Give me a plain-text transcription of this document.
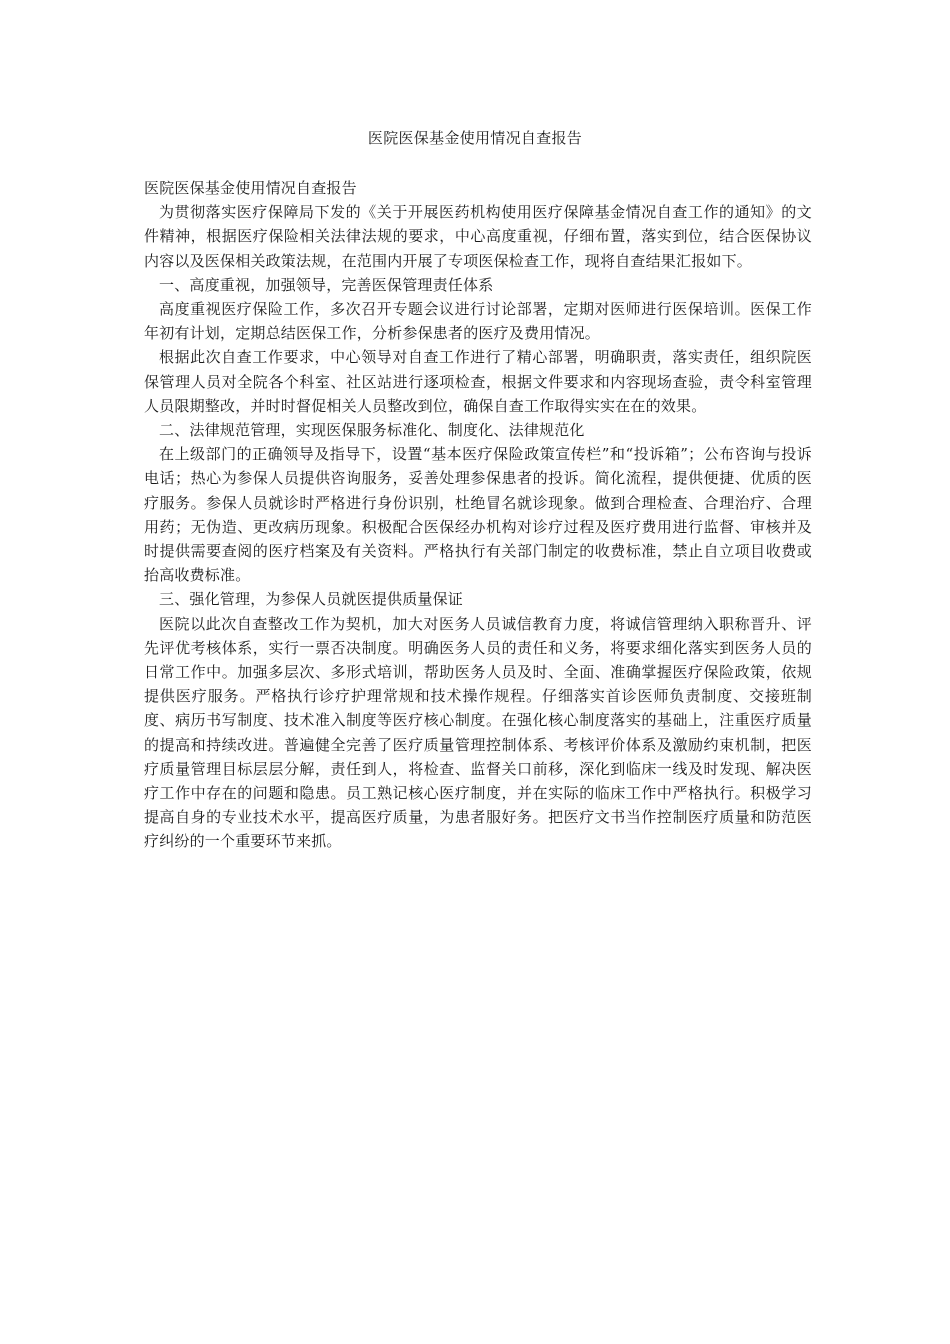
医院医保基金使用情况自查报告

医院医保基金使用情况自查报告

为贯彻落实医疗保障局下发的《关于开展医药机构使用医疗保障基金情况自查工作的通知》的文件精神，根据医疗保险相关法律法规的要求，中心高度重视，仔细布置，落实到位，结合医保协议内容以及医保相关政策法规，在范围内开展了专项医保检查工作，现将自查结果汇报如下。

一、高度重视，加强领导，完善医保管理责任体系

高度重视医疗保险工作，多次召开专题会议进行讨论部署，定期对医师进行医保培训。医保工作年初有计划，定期总结医保工作，分析参保患者的医疗及费用情况。

根据此次自查工作要求，中心领导对自查工作进行了精心部署，明确职责，落实责任，组织院医保管理人员对全院各个科室、社区站进行逐项检查，根据文件要求和内容现场查验，责令科室管理人员限期整改，并时时督促相关人员整改到位，确保自查工作取得实实在在的效果。

二、法律规范管理，实现医保服务标准化、制度化、法律规范化

在上级部门的正确领导及指导下，设置“基本医疗保险政策宣传栏”和“投诉箱”；公布咨询与投诉电话；热心为参保人员提供咨询服务，妥善处理参保患者的投诉。简化流程，提供便捷、优质的医疗服务。参保人员就诊时严格进行身份识别，杜绝冒名就诊现象。做到合理检查、合理治疗、合理用药；无伪造、更改病历现象。积极配合医保经办机构对诊疗过程及医疗费用进行监督、审核并及时提供需要查阅的医疗档案及有关资料。严格执行有关部门制定的收费标准，禁止自立项目收费或抬高收费标准。

三、强化管理，为参保人员就医提供质量保证

医院以此次自查整改工作为契机，加大对医务人员诚信教育力度，将诚信管理纳入职称晋升、评先评优考核体系，实行一票否决制度。明确医务人员的责任和义务，将要求细化落实到医务人员的日常工作中。加强多层次、多形式培训，帮助医务人员及时、全面、准确掌握医疗保险政策，依规提供医疗服务。严格执行诊疗护理常规和技术操作规程。仔细落实首诊医师负责制度、交接班制度、病历书写制度、技术准入制度等医疗核心制度。在强化核心制度落实的基础上，注重医疗质量的提高和持续改进。普遍健全完善了医疗质量管理控制体系、考核评价体系及激励约束机制，把医疗质量管理目标层层分解，责任到人，将检查、监督关口前移，深化到临床一线及时发现、解决医疗工作中存在的问题和隐患。员工熟记核心医疗制度，并在实际的临床工作中严格执行。积极学习提高自身的专业技术水平，提高医疗质量，为患者服好务。把医疗文书当作控制医疗质量和防范医疗纠纷的一个重要环节来抓。
